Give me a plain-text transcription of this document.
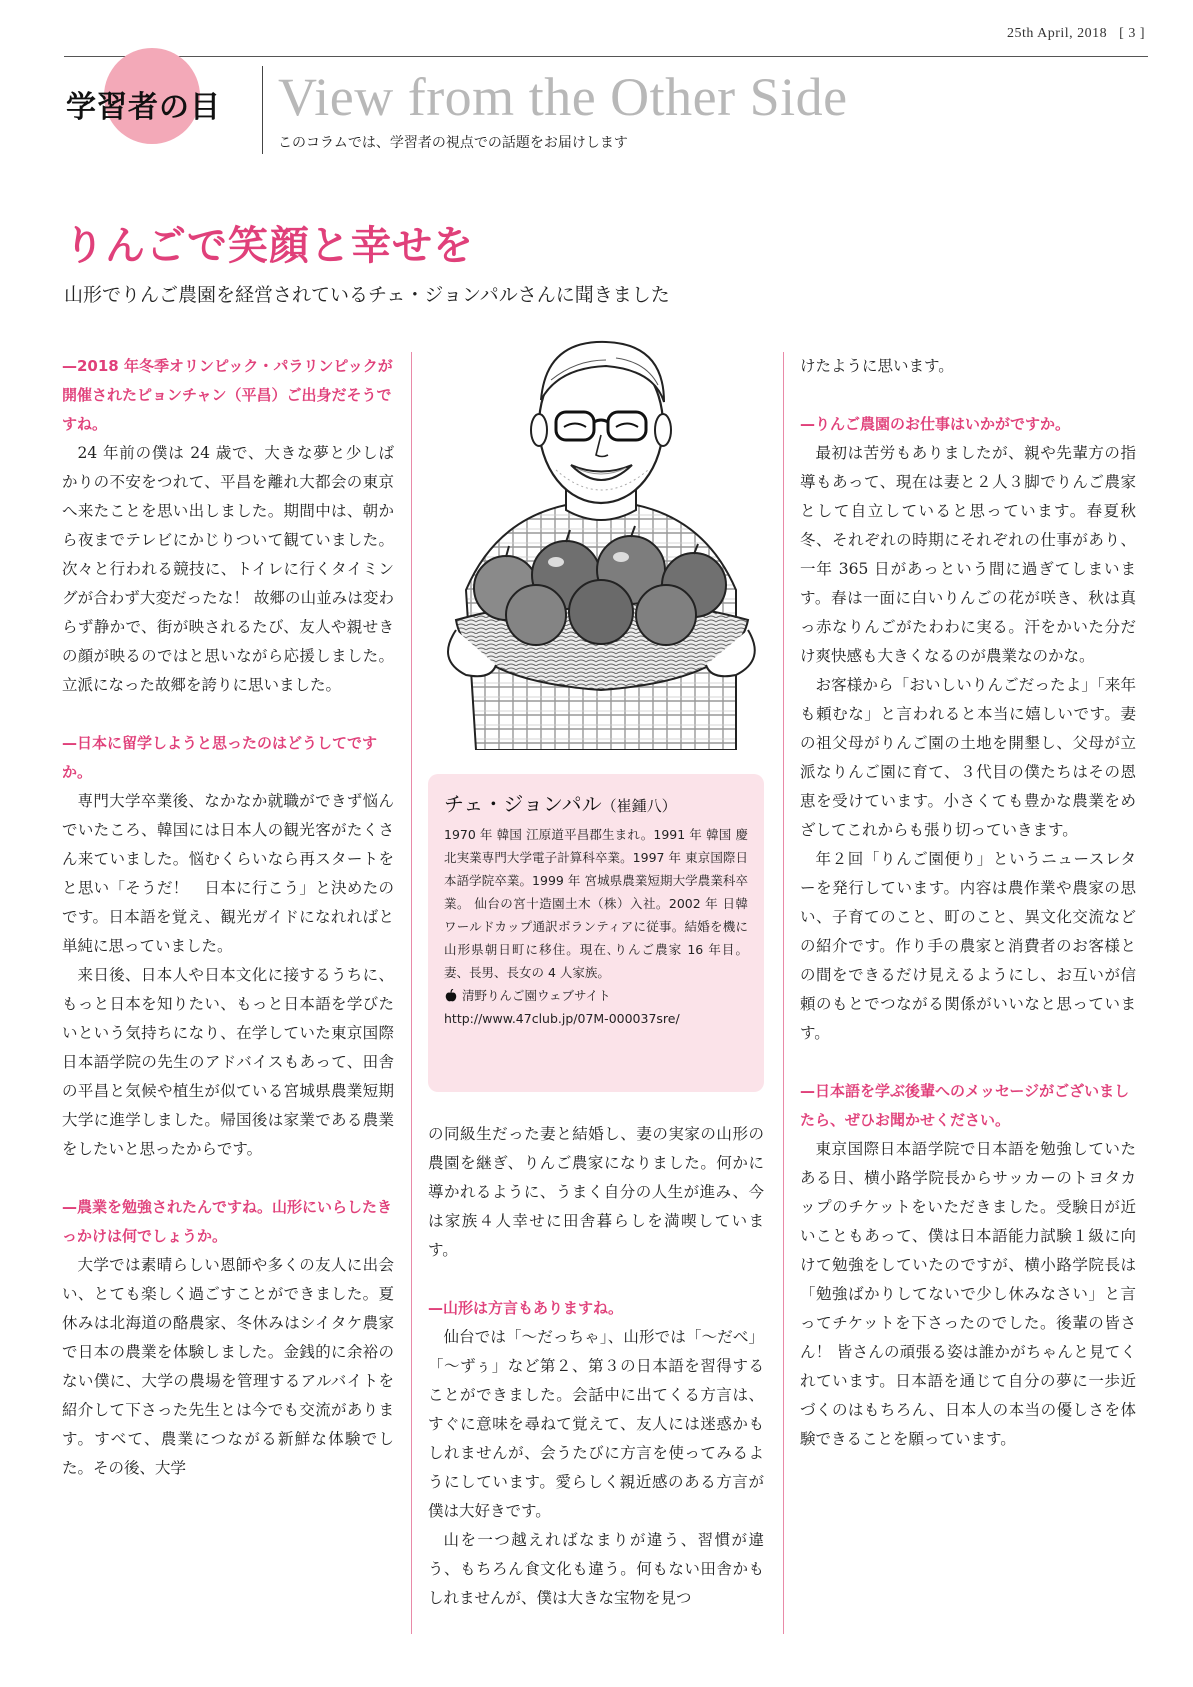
25th April, 2018 [ 3 ]
学習者の目 View from the Other Side
このコラムでは、学習者の視点での話題をお届けします
りんごで笑顔と幸せを
山形でりんご農園を経営されているチェ・ジョンパルさんに聞きました
—2018 年冬季オリンピック・パラリンピックが開催されたピョンチャン（平昌）ご出身だそうですね。
24 年前の僕は 24 歳で、大きな夢と少しばかりの不安をつれて、平昌を離れ大都会の東京へ来たことを思い出しました。期間中は、朝から夜までテレビにかじりついて観ていました。次々と行われる競技に、トイレに行くタイミングが合わず大変だったな！ 故郷の山並みは変わらず静かで、街が映されるたび、友人や親せきの顔が映るのではと思いながら応援しました。立派になった故郷を誇りに思いました。
—日本に留学しようと思ったのはどうしてですか。
専門大学卒業後、なかなか就職ができず悩んでいたころ、韓国には日本人の観光客がたくさん来ていました。悩むくらいなら再スタートをと思い「そうだ！　日本に行こう」と決めたのです。日本語を覚え、観光ガイドになれればと単純に思っていました。
来日後、日本人や日本文化に接するうちに、もっと日本を知りたい、もっと日本語を学びたいという気持ちになり、在学していた東京国際日本語学院の先生のアドバイスもあって、田舎の平昌と気候や植生が似ている宮城県農業短期大学に進学しました。帰国後は家業である農業をしたいと思ったからです。
—農業を勉強されたんですね。山形にいらしたきっかけは何でしょうか。
大学では素晴らしい恩師や多くの友人に出会い、とても楽しく過ごすことができました。夏休みは北海道の酪農家、冬休みはシイタケ農家で日本の農業を体験しました。金銭的に余裕のない僕に、大学の農場を管理するアルバイトを紹介して下さった先生とは今でも交流があります。すべて、農業につながる新鮮な体験でした。その後、大学
チェ・ジョンパル（崔鍾八）
1970 年 韓国 江原道平昌郡生まれ。1991 年 韓国 慶北実業専門大学電子計算科卒業。1997 年 東京国際日本語学院卒業。1999 年 宮城県農業短期大学農業科卒業。 仙台の宮十造園土木（株）入社。2002 年 日韓ワールドカップ通訳ボランティアに従事。結婚を機に山形県朝日町に移住。現在､りんご農家 16 年目。妻、長男、長女の 4 人家族。
清野りんご園ウェブサイト
http://www.47club.jp/07M-000037sre/
の同級生だった妻と結婚し、妻の実家の山形の農園を継ぎ、りんご農家になりました。何かに導かれるように、うまく自分の人生が進み、今は家族４人幸せに田舎暮らしを満喫しています。
—山形は方言もありますね。
仙台では「〜だっちゃ」、山形では「〜だべ」「〜ずぅ」など第２、第３の日本語を習得することができました。会話中に出てくる方言は、すぐに意味を尋ねて覚えて、友人には迷惑かもしれませんが、会うたびに方言を使ってみるようにしています。愛らしく親近感のある方言が僕は大好きです。
山を一つ越えればなまりが違う、習慣が違う、もちろん食文化も違う。何もない田舎かもしれませんが、僕は大きな宝物を見つ
けたように思います。
—りんご農園のお仕事はいかがですか。
最初は苦労もありましたが、親や先輩方の指導もあって、現在は妻と２人３脚でりんご農家として自立していると思っています。春夏秋冬、それぞれの時期にそれぞれの仕事があり、一年 365 日があっという間に過ぎてしまいます。春は一面に白いりんごの花が咲き、秋は真っ赤なりんごがたわわに実る。汗をかいた分だけ爽快感も大きくなるのが農業なのかな。
お客様から「おいしいりんごだったよ」「来年も頼むな」と言われると本当に嬉しいです。妻の祖父母がりんご園の土地を開墾し、父母が立派なりんご園に育て、３代目の僕たちはその恩恵を受けています。小さくても豊かな農業をめざしてこれからも張り切っていきます。
年２回「りんご園便り」というニュースレターを発行しています。内容は農作業や農家の思い、子育てのこと、町のこと、異文化交流などの紹介です。作り手の農家と消費者のお客様との間をできるだけ見えるようにし、お互いが信頼のもとでつながる関係がいいなと思っています。
—日本語を学ぶ後輩へのメッセージがございましたら、ぜひお聞かせください。
東京国際日本語学院で日本語を勉強していたある日、横小路学院長からサッカーのトヨタカップのチケットをいただきました。受験日が近いこともあって、僕は日本語能力試験１級に向けて勉強をしていたのですが、横小路学院長は「勉強ばかりしてないで少し休みなさい」と言ってチケットを下さったのでした。後輩の皆さん！ 皆さんの頑張る姿は誰かがちゃんと見てくれています。日本語を通じて自分の夢に一歩近づくのはもちろん、日本人の本当の優しさを体験できることを願っています。
